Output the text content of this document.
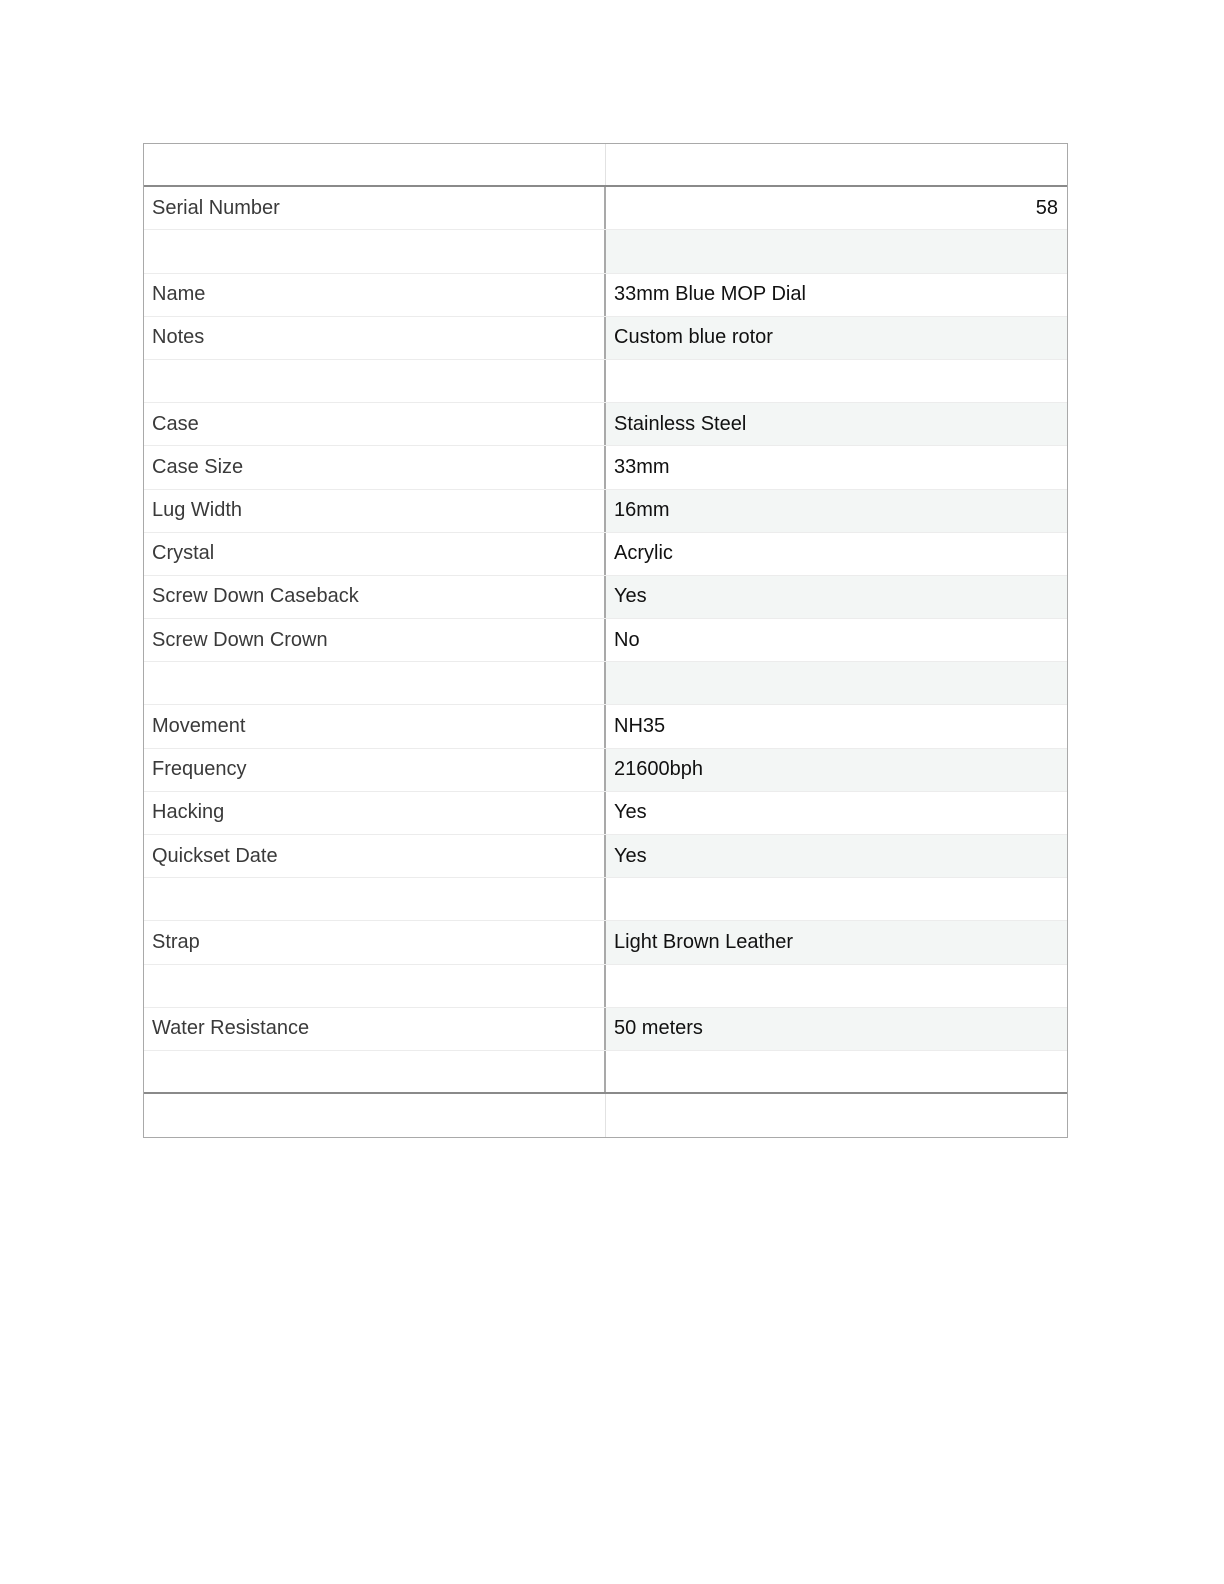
Serial Number	58
Name	33mm Blue MOP Dial
Notes	Custom blue rotor
Case	Stainless Steel
Case Size	33mm
Lug Width	16mm
Crystal	Acrylic
Screw Down Caseback	Yes
Screw Down Crown	No
Movement	NH35
Frequency	21600bph
Hacking	Yes
Quickset Date	Yes
Strap	Light Brown Leather
Water Resistance	50 meters
